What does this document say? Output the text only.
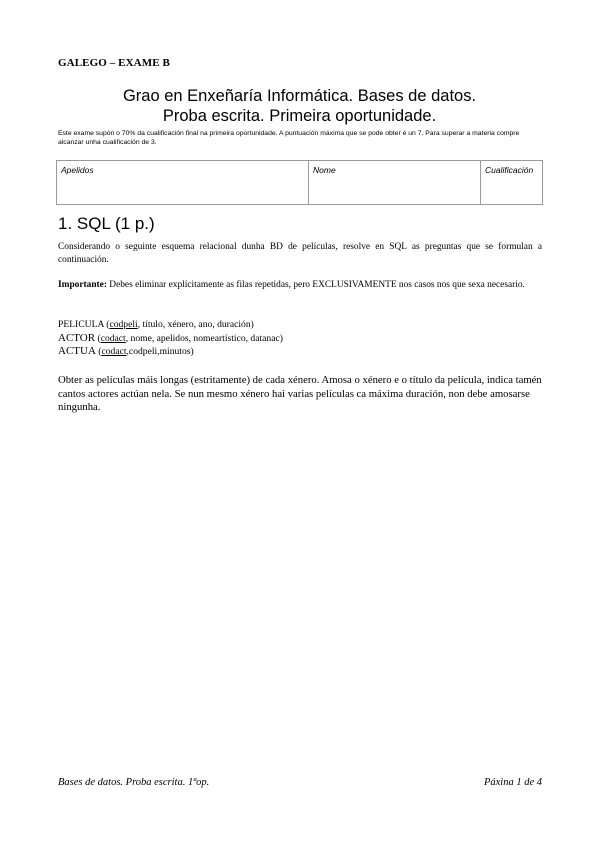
GALEGO – EXAME B
Grao en Enxeñaría Informática. Bases de datos.
Proba escrita. Primeira oportunidade.
Este exame supón o 70% da cualificación final na primeira oportunidade. A puntuación máxima que se pode obter é un 7. Para superar a materia compre alcanzar unha cualificación de 3.
Apelidos	Nome	Cualificación
1. SQL (1 p.)
Considerando o seguinte esquema relacional dunha BD de películas, resolve en SQL as preguntas que se formulan a continuación.
Importante: Debes eliminar explícitamente as filas repetidas, pero EXCLUSIVAMENTE nos casos nos que sexa necesario.
PELICULA (codpeli, título, xénero, ano, duración)
ACTOR (codact, nome, apelidos, nomeartístico, datanac)
ACTUA (codact,codpeli,minutos)
Obter as películas máis longas (estritamente) de cada xénero. Amosa o xénero e o título da película, indica tamén cantos actores actúan nela. Se nun mesmo xénero hai varias películas ca máxima duración, non debe amosarse ningunha.
Bases de datos. Proba escrita. 1ªop.	Páxina 1 de 4
